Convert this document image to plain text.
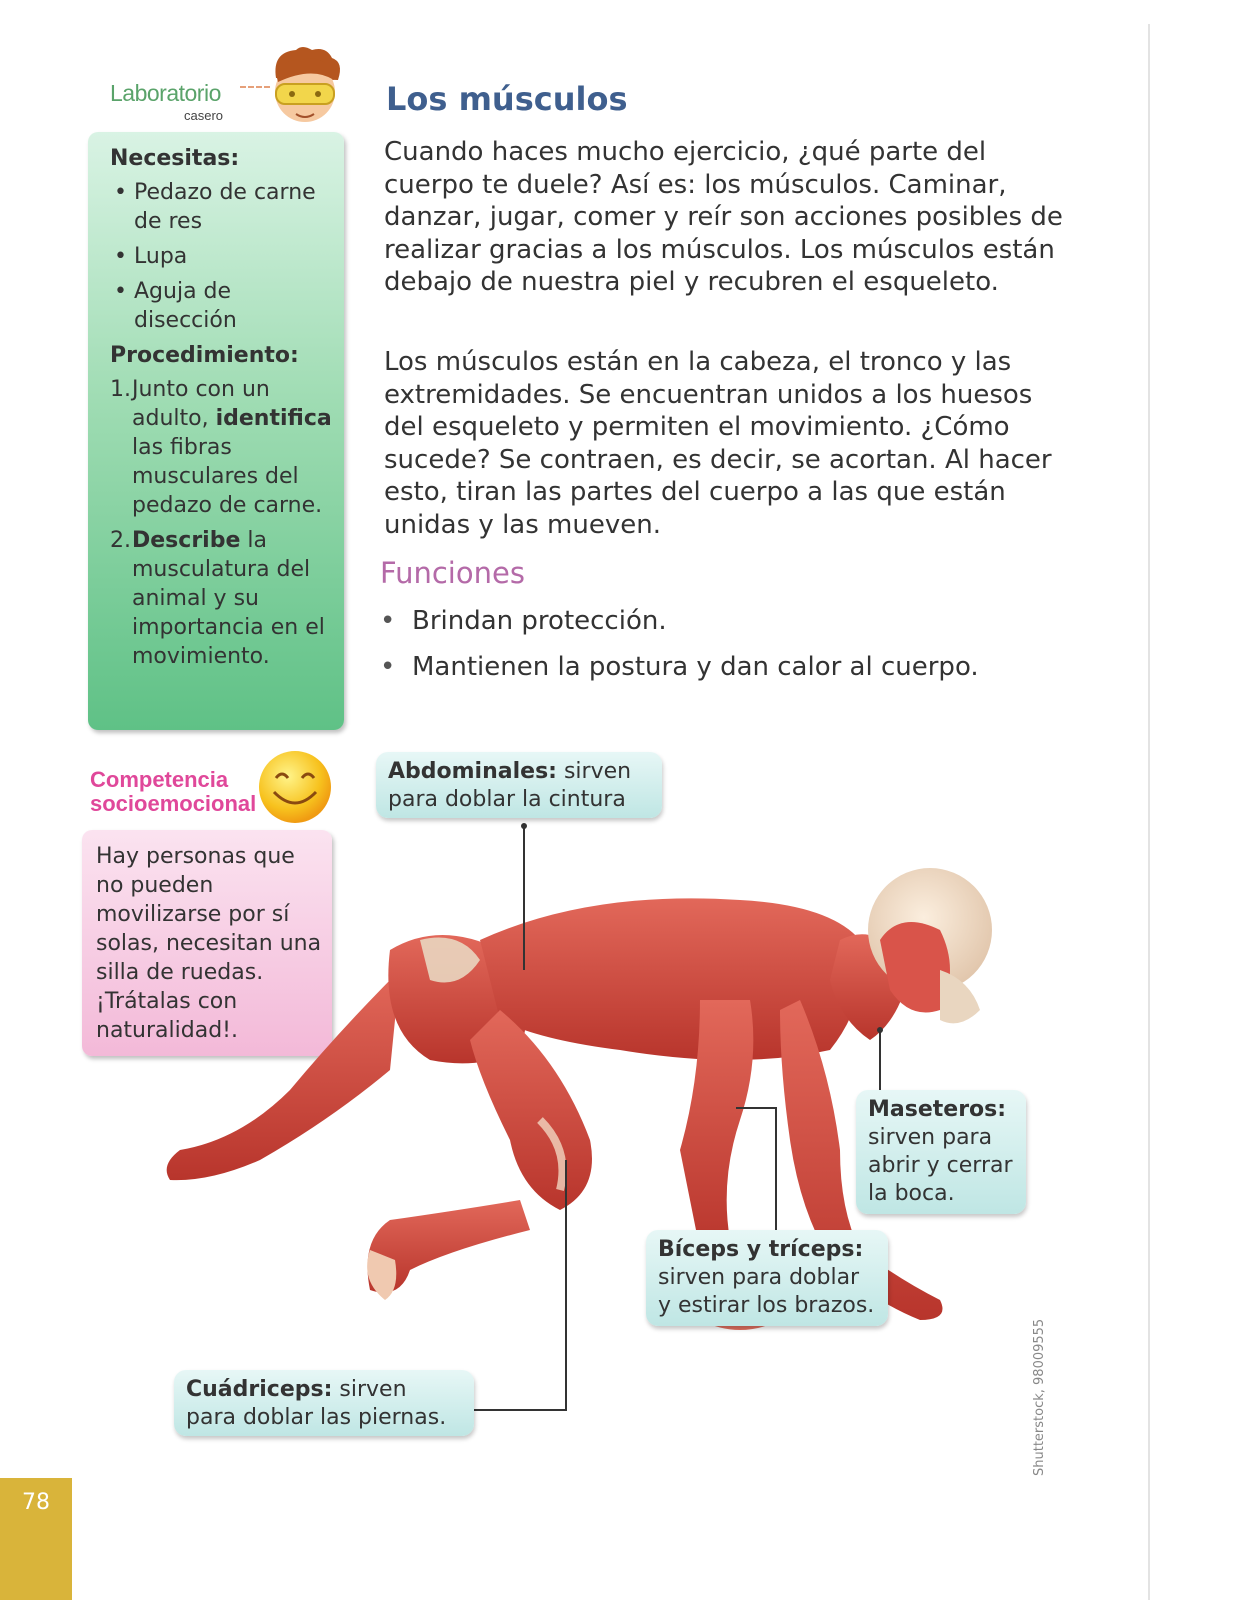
Laboratorio
casero
Necesitas:
• Pedazo de carne de res
• Lupa
• Aguja de disección
Procedimiento:
1. Junto con un adulto, identifica las fibras musculares del pedazo de carne.
2. Describe la musculatura del animal y su importancia en el movimiento.
Competencia
socioemocional
Hay personas que no pueden movilizarse por sí solas, necesitan una silla de ruedas. ¡Trátalas con naturalidad!.
Los músculos
Cuando haces mucho ejercicio, ¿qué parte del cuerpo te duele? Así es: los músculos. Caminar, danzar, jugar, comer y reír son acciones posibles de realizar gracias a los músculos. Los músculos están debajo de nuestra piel y recubren el esqueleto.
Los músculos están en la cabeza, el tronco y las extremidades. Se encuentran unidos a los huesos del esqueleto y permiten el movimiento. ¿Cómo sucede? Se contraen, es decir, se acortan. Al hacer esto, tiran las partes del cuerpo a las que están unidas y las mueven.
Funciones
• Brindan protección.
• Mantienen la postura y dan calor al cuerpo.
Abdominales: sirven para doblar la cintura
Maseteros: sirven para abrir y cerrar la boca.
Bíceps y tríceps: sirven para doblar y estirar los brazos.
Cuádriceps: sirven para doblar las piernas.	Shutterstock, 98009555
78
